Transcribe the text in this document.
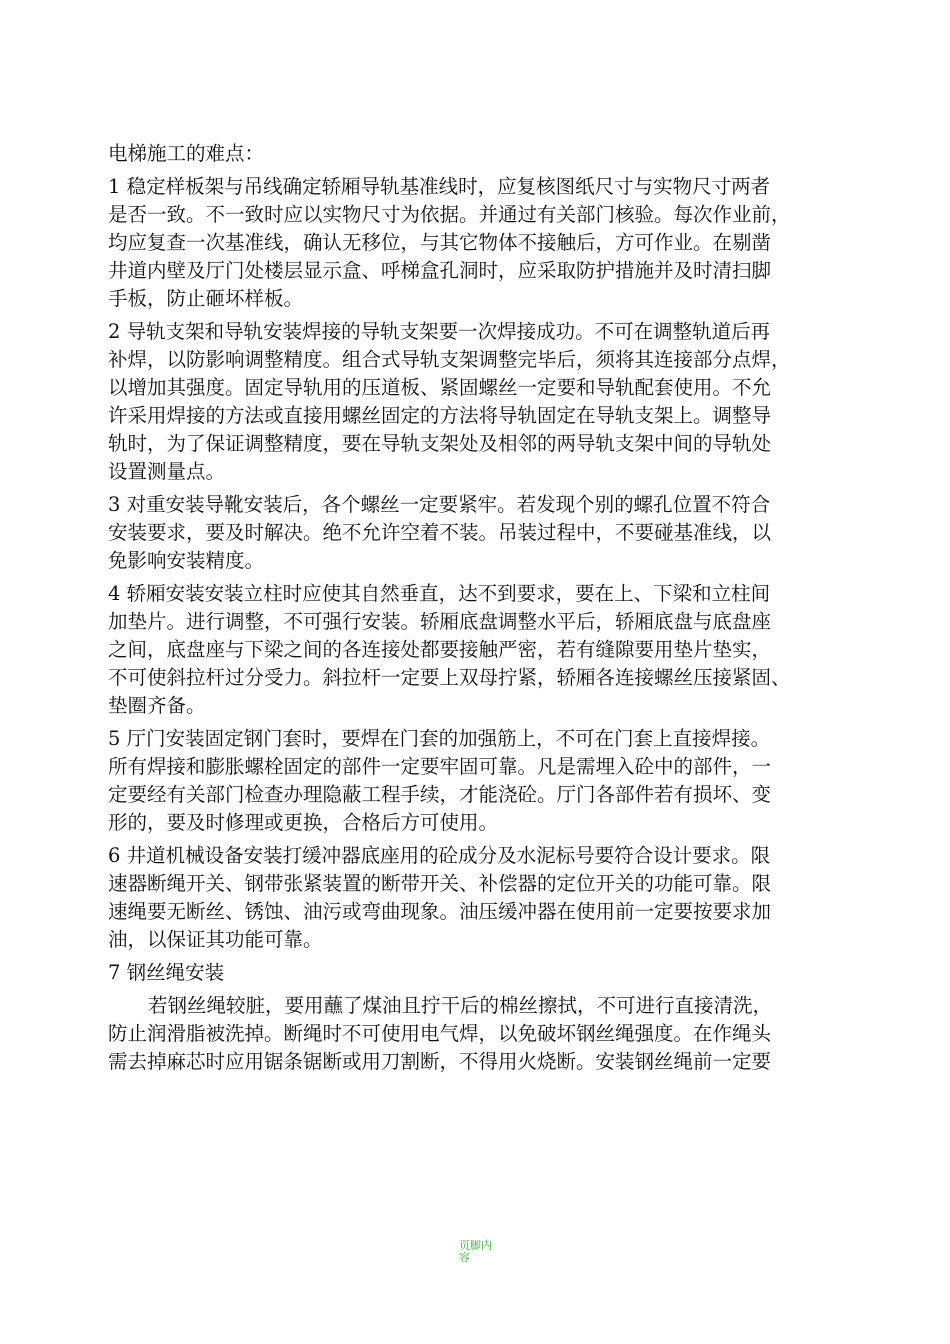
电梯施工的难点：
1 稳定样板架与吊线确定轿厢导轨基准线时，应复核图纸尺寸与实物尺寸两者
是否一致。不一致时应以实物尺寸为依据。并通过有关部门核验。每次作业前，
均应复查一次基准线，确认无移位，与其它物体不接触后，方可作业。在剔凿
井道内壁及厅门处楼层显示盒、呼梯盒孔洞时，应采取防护措施并及时清扫脚
手板，防止砸坏样板。
2 导轨支架和导轨安装焊接的导轨支架要一次焊接成功。不可在调整轨道后再
补焊，以防影响调整精度。组合式导轨支架调整完毕后，须将其连接部分点焊，
以增加其强度。固定导轨用的压道板、紧固螺丝一定要和导轨配套使用。不允
许采用焊接的方法或直接用螺丝固定的方法将导轨固定在导轨支架上。调整导
轨时，为了保证调整精度，要在导轨支架处及相邻的两导轨支架中间的导轨处
设置测量点。
3 对重安装导靴安装后，各个螺丝一定要紧牢。若发现个别的螺孔位置不符合
安装要求，要及时解决。绝不允许空着不装。吊装过程中，不要碰基准线，以
免影响安装精度。
4 轿厢安装安装立柱时应使其自然垂直，达不到要求，要在上、下梁和立柱间
加垫片。进行调整，不可强行安装。轿厢底盘调整水平后，轿厢底盘与底盘座
之间，底盘座与下梁之间的各连接处都要接触严密，若有缝隙要用垫片垫实，
不可使斜拉杆过分受力。斜拉杆一定要上双母拧紧，轿厢各连接螺丝压接紧固、
垫圈齐备。
5 厅门安装固定钢门套时，要焊在门套的加强筋上，不可在门套上直接焊接。
所有焊接和膨胀螺栓固定的部件一定要牢固可靠。凡是需埋入砼中的部件，一
定要经有关部门检查办理隐蔽工程手续，才能浇砼。厅门各部件若有损坏、变
形的，要及时修理或更换，合格后方可使用。
6 井道机械设备安装打缓冲器底座用的砼成分及水泥标号要符合设计要求。限
速器断绳开关、钢带张紧装置的断带开关、补偿器的定位开关的功能可靠。限
速绳要无断丝、锈蚀、油污或弯曲现象。油压缓冲器在使用前一定要按要求加
油，以保证其功能可靠。
7 钢丝绳安装
若钢丝绳较脏，要用蘸了煤油且拧干后的棉丝擦拭，不可进行直接清洗，
防止润滑脂被洗掉。断绳时不可使用电气焊，以免破坏钢丝绳强度。在作绳头
需去掉麻芯时应用锯条锯断或用刀割断，不得用火烧断。安装钢丝绳前一定要
页脚内
容
